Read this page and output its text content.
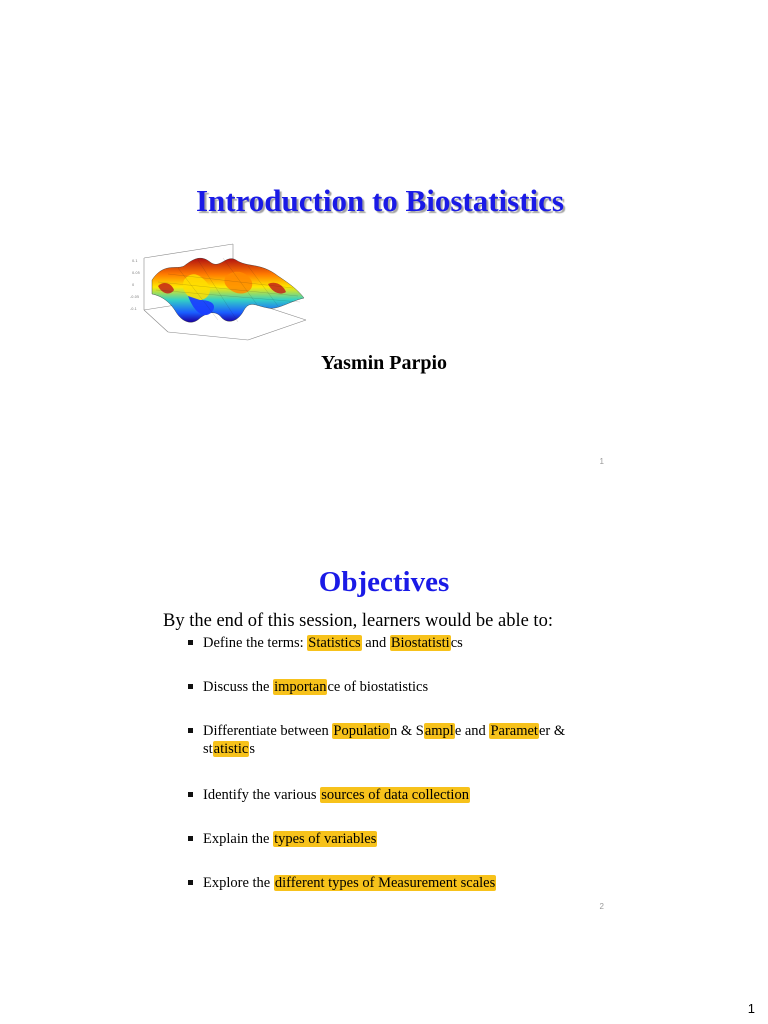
Introduction to Biostatistics
0.1
0.05
0
-0.05
-0.1
Yasmin Parpio
1
Objectives
By the end of this session, learners would be able to:
Define the terms: Statistics and Biostatistics
Discuss the importance of biostatistics
Differentiate between Population & Sample and Parameter & statistics
Identify the various sources of data collection
Explain the types of variables
Explore the different types of Measurement scales
2
1
